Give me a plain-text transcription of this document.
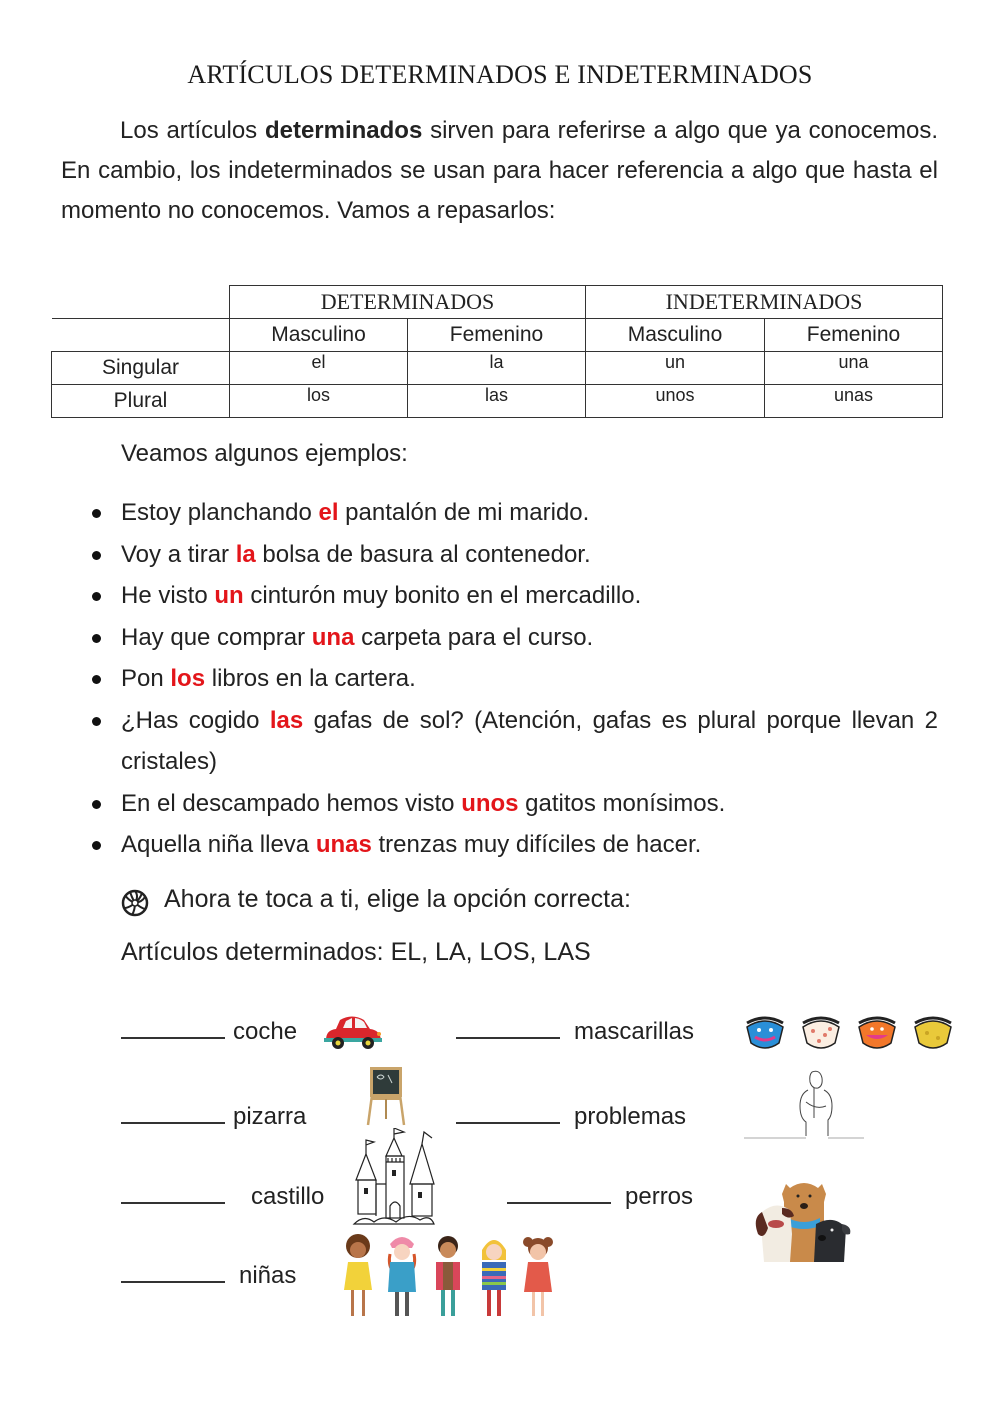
ARTÍCULOS DETERMINADOS E INDETERMINADOS
Los artículos determinados sirven para referirse a algo que ya conocemos. En cambio, los indeterminados se usan para hacer referencia a algo que hasta el momento no conocemos. Vamos a repasarlos:
	DETERMINADOS		INDETERMINADOS	
	Masculino	Femenino	Masculino	Femenino
Singular	el	la	un	una
Plural	los	las	unos	unas
Veamos algunos ejemplos:
Estoy planchando el pantalón de mi marido.
Voy a tirar la bolsa de basura al contenedor.
He visto un cinturón muy bonito en el mercadillo.
Hay que comprar una carpeta para el curso.
Pon los libros en la cartera.
¿Has cogido las gafas de sol? (Atención, gafas es plural porque llevan 2 cristales)
En el descampado hemos visto unos gatitos monísimos.
Aquella niña lleva unas trenzas muy difíciles de hacer.
Ahora te toca a ti, elige la opción correcta:
Artículos determinados: EL, LA, LOS, LAS
coche	mascarillas
pizarra	problemas
castillo	perros
niñas
